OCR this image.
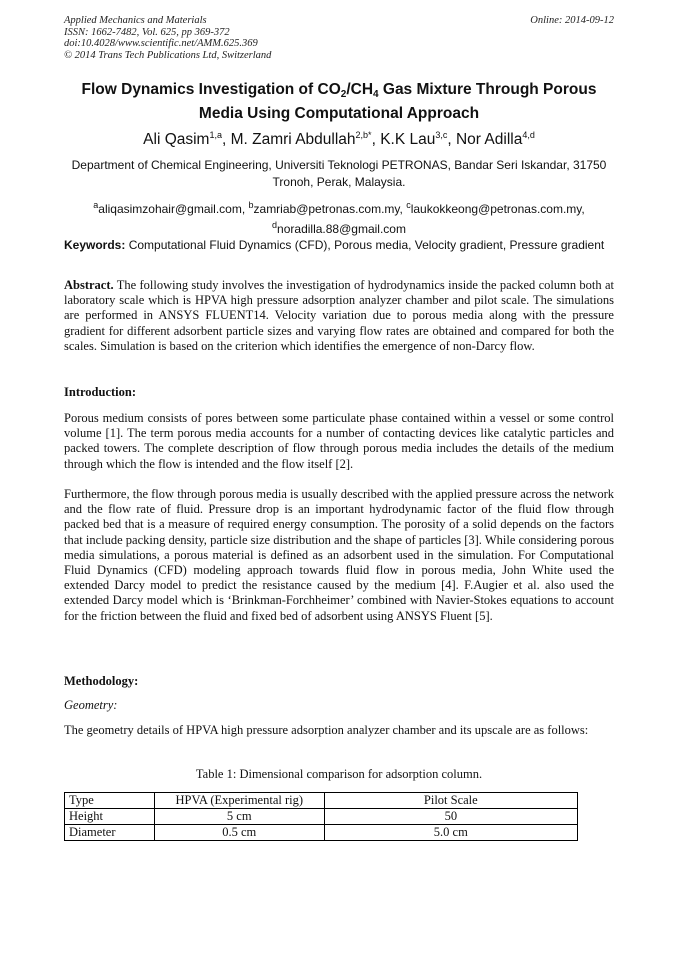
Applied Mechanics and Materials
ISSN: 1662-7482, Vol. 625, pp 369-372
doi:10.4028/www.scientific.net/AMM.625.369
© 2014 Trans Tech Publications Ltd, Switzerland
Online: 2014-09-12
Flow Dynamics Investigation of $CO_2/CH_4$ Gas Mixture Through Porous Media Using Computational Approach
Ali Qasim$^{1,a}$, M. Zamri Abdullah$^{2,b*}$, K.K Lau$^{3,c}$, Nor Adilla$^{4,d}$
Department of Chemical Engineering, Universiti Teknologi PETRONAS, Bandar Seri Iskandar, 31750 Tronoh, Perak, Malaysia.
$^a$aliqasimzohair@gmail.com, $^b$zamriab@petronas.com.my, $^c$laukokkeong@petronas.com.my,
$^d$noradilla.88@gmail.com
Keywords: Computational Fluid Dynamics (CFD), Porous media, Velocity gradient, Pressure gradient
Abstract. The following study involves the investigation of hydrodynamics inside the packed column both at laboratory scale which is HPVA high pressure adsorption analyzer chamber and pilot scale. The simulations are performed in ANSYS FLUENT14. Velocity variation due to porous media along with the pressure gradient for different adsorbent particle sizes and varying flow rates are obtained and compared for both the scales. Simulation is based on the criterion which identifies the emergence of non-Darcy flow.
Introduction:
Porous medium consists of pores between some particulate phase contained within a vessel or some control volume [1]. The term porous media accounts for a number of contacting devices like catalytic particles and packed towers. The complete description of flow through porous media includes the details of the medium through which the flow is intended and the flow itself [2].
Furthermore, the flow through porous media is usually described with the applied pressure across the network and the flow rate of fluid. Pressure drop is an important hydrodynamic factor of the fluid flow through packed bed that is a measure of required energy consumption. The porosity of a solid depends on the factors that include packing density, particle size distribution and the shape of particles [3]. While considering porous media simulations, a porous material is defined as an adsorbent used in the simulation. For Computational Fluid Dynamics (CFD) modeling approach towards fluid flow in porous media, John White used the extended Darcy model to predict the resistance caused by the medium [4]. F.Augier et al. also used the extended Darcy model which is ‘Brinkman-Forchheimer’ combined with Navier-Stokes equations to account for the friction between the fluid and fixed bed of adsorbent using ANSYS Fluent [5].
Methodology:
Geometry:
The geometry details of HPVA high pressure adsorption analyzer chamber and its upscale are as follows:
Table 1: Dimensional comparison for adsorption column.
Type	HPVA (Experimental rig)	Pilot Scale
Height	5 cm	50
Diameter	0.5 cm	5.0 cm
